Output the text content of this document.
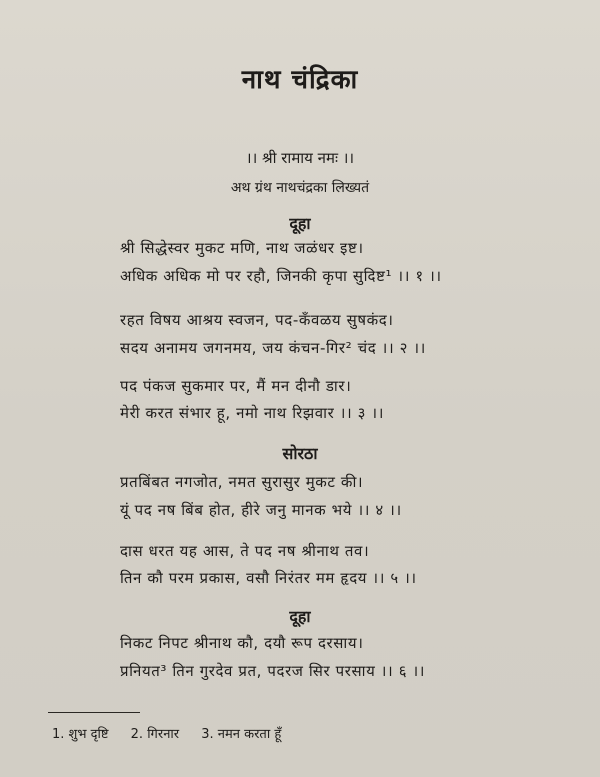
नाथ चंद्रिका
।। श्री रामाय नमः ।।
अथ ग्रंथ नाथचंद्रका लिख्यतं
दूहा
श्री सिद्धेस्वर मुकट मणि, नाथ जळंधर इष्ट।
अधिक अधिक मो पर रहौ, जिनकी कृपा सुदिष्ट¹ ।। १ ।।
रहत विषय आश्रय स्वजन, पद-कँवळय सुषकंद।
सदय अनामय जगनमय, जय कंचन-गिर² चंद ।। २ ।।
पद पंकज सुकमार पर, मैं मन दीनौ डार।
मेरी करत संभार हू, नमो नाथ रिझवार ।। ३ ।।
सोरठा
प्रतबिंबत नगजोत, नमत सुरासुर मुकट की।
यूं पद नष बिंब होत, हीरे जनु मानक भये ।। ४ ।।
दास धरत यह आस, ते पद नष श्रीनाथ तव।
तिन कौ परम प्रकास, वसौ निरंतर मम हृदय ।। ५ ।।
दूहा
निकट निपट श्रीनाथ कौ, दयौ रूप दरसाय।
प्रनियत³ तिन गुरदेव प्रत, पदरज सिर परसाय ।। ६ ।।
1. शुभ दृष्टि 2. गिरनार 3. नमन करता हूँ
